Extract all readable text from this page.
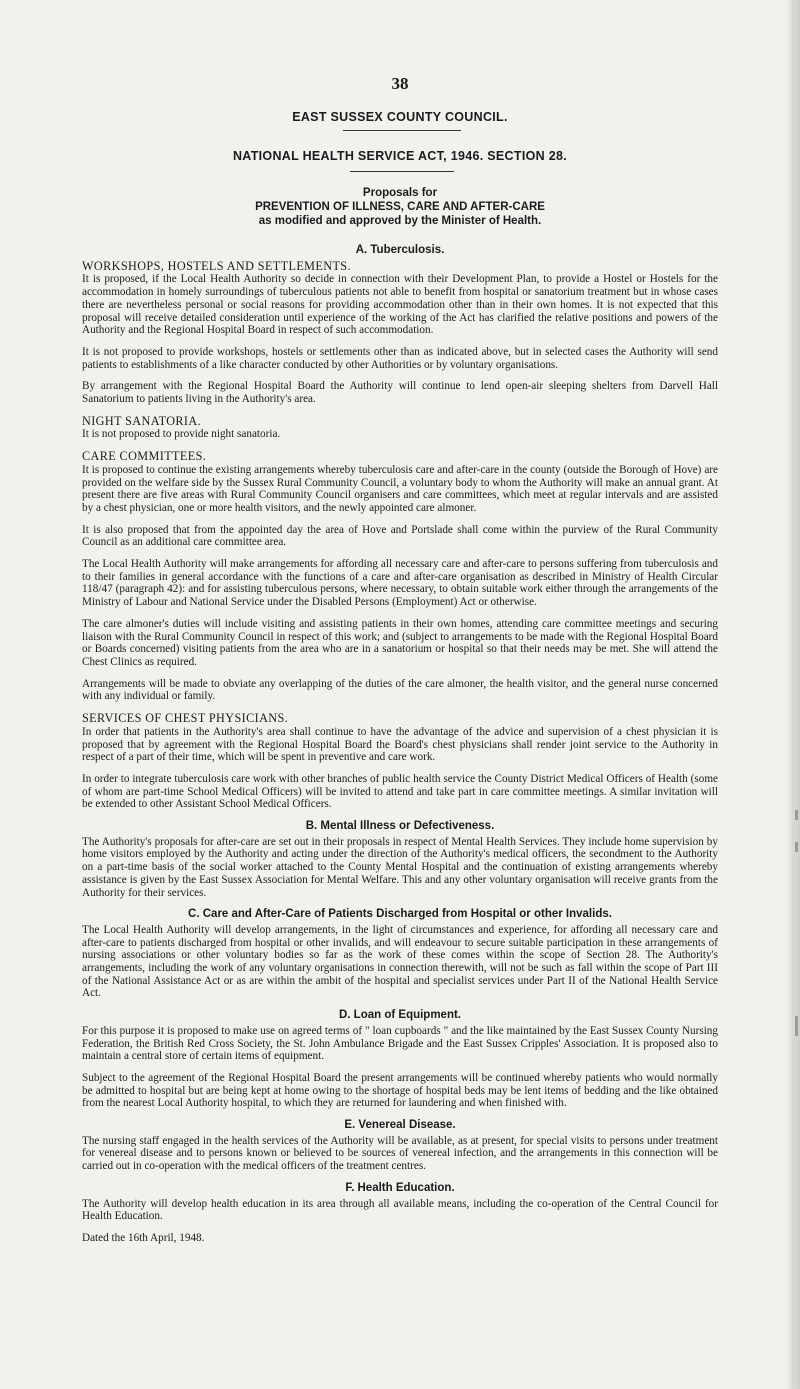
38
EAST SUSSEX COUNTY COUNCIL.
NATIONAL HEALTH SERVICE ACT, 1946. SECTION 28.
Proposals for
PREVENTION OF ILLNESS, CARE AND AFTER-CARE
as modified and approved by the Minister of Health.
A. Tuberculosis.
WORKSHOPS, HOSTELS AND SETTLEMENTS.

It is proposed, if the Local Health Authority so decide in connection with their Development Plan, to provide a Hostel or Hostels for the accommodation in homely surroundings of tuberculous patients not able to benefit from hospital or sanatorium treatment but in whose cases there are nevertheless personal or social reasons for providing accommodation other than in their own homes. It is not expected that this proposal will receive detailed consideration until experience of the working of the Act has clarified the relative positions and powers of the Authority and the Regional Hospital Board in respect of such accommodation.

It is not proposed to provide workshops, hostels or settlements other than as indicated above, but in selected cases the Authority will send patients to establishments of a like character conducted by other Authorities or by voluntary organisations.

By arrangement with the Regional Hospital Board the Authority will continue to lend open-air sleeping shelters from Darvell Hall Sanatorium to patients living in the Authority's area.

NIGHT SANATORIA.

It is not proposed to provide night sanatoria.

CARE COMMITTEES.

It is proposed to continue the existing arrangements whereby tuberculosis care and after-care in the county (outside the Borough of Hove) are provided on the welfare side by the Sussex Rural Community Council, a voluntary body to whom the Authority will make an annual grant. At present there are five areas with Rural Community Council organisers and care committees, which meet at regular intervals and are assisted by a chest physician, one or more health visitors, and the newly appointed care almoner.

It is also proposed that from the appointed day the area of Hove and Portslade shall come within the purview of the Rural Community Council as an additional care committee area.

The Local Health Authority will make arrangements for affording all necessary care and after-care to persons suffering from tuberculosis and to their families in general accordance with the functions of a care and after-care organisation as described in Ministry of Health Circular 118/47 (paragraph 42): and for assisting tuberculous persons, where necessary, to obtain suitable work either through the arrangements of the Ministry of Labour and National Service under the Disabled Persons (Employment) Act or otherwise.

The care almoner's duties will include visiting and assisting patients in their own homes, attending care committee meetings and securing liaison with the Rural Community Council in respect of this work; and (subject to arrangements to be made with the Regional Hospital Board or Boards concerned) visiting patients from the area who are in a sanatorium or hospital so that their needs may be met. She will attend the Chest Clinics as required.

Arrangements will be made to obviate any overlapping of the duties of the care almoner, the health visitor, and the general nurse concerned with any individual or family.

SERVICES OF CHEST PHYSICIANS.

In order that patients in the Authority's area shall continue to have the advantage of the advice and supervision of a chest physician it is proposed that by agreement with the Regional Hospital Board the Board's chest physicians shall render joint service to the Authority in respect of a part of their time, which will be spent in preventive and care work.

In order to integrate tuberculosis care work with other branches of public health service the County District Medical Officers of Health (some of whom are part-time School Medical Officers) will be invited to attend and take part in care committee meetings. A similar invitation will be extended to other Assistant School Medical Officers.

B. Mental Illness or Defectiveness.

The Authority's proposals for after-care are set out in their proposals in respect of Mental Health Services. They include home supervision by home visitors employed by the Authority and acting under the direction of the Authority's medical officers, the secondment to the Authority on a part-time basis of the social worker attached to the County Mental Hospital and the continuation of existing arrangements whereby assistance is given by the East Sussex Association for Mental Welfare. This and any other voluntary organisation will receive grants from the Authority for their services.

C. Care and After-Care of Patients Discharged from Hospital or other Invalids.

The Local Health Authority will develop arrangements, in the light of circumstances and experience, for affording all necessary care and after-care to patients discharged from hospital or other invalids, and will endeavour to secure suitable participation in these arrangements of nursing associations or other voluntary bodies so far as the work of these comes within the scope of Section 28. The Authority's arrangements, including the work of any voluntary organisations in connection therewith, will not be such as fall within the scope of Part III of the National Assistance Act or as are within the ambit of the hospital and specialist services under Part II of the National Health Service Act.

D. Loan of Equipment.

For this purpose it is proposed to make use on agreed terms of " loan cupboards " and the like maintained by the East Sussex County Nursing Federation, the British Red Cross Society, the St. John Ambulance Brigade and the East Sussex Cripples' Association. It is proposed also to maintain a central store of certain items of equipment.

Subject to the agreement of the Regional Hospital Board the present arrangements will be continued whereby patients who would normally be admitted to hospital but are being kept at home owing to the shortage of hospital beds may be lent items of bedding and the like obtained from the nearest Local Authority hospital, to which they are returned for laundering and when finished with.

E. Venereal Disease.

The nursing staff engaged in the health services of the Authority will be available, as at present, for special visits to persons under treatment for venereal disease and to persons known or believed to be sources of venereal infection, and the arrangements in this connection will be carried out in co-operation with the medical officers of the treatment centres.

F. Health Education.

The Authority will develop health education in its area through all available means, including the co-operation of the Central Council for Health Education.

Dated the 16th April, 1948.
